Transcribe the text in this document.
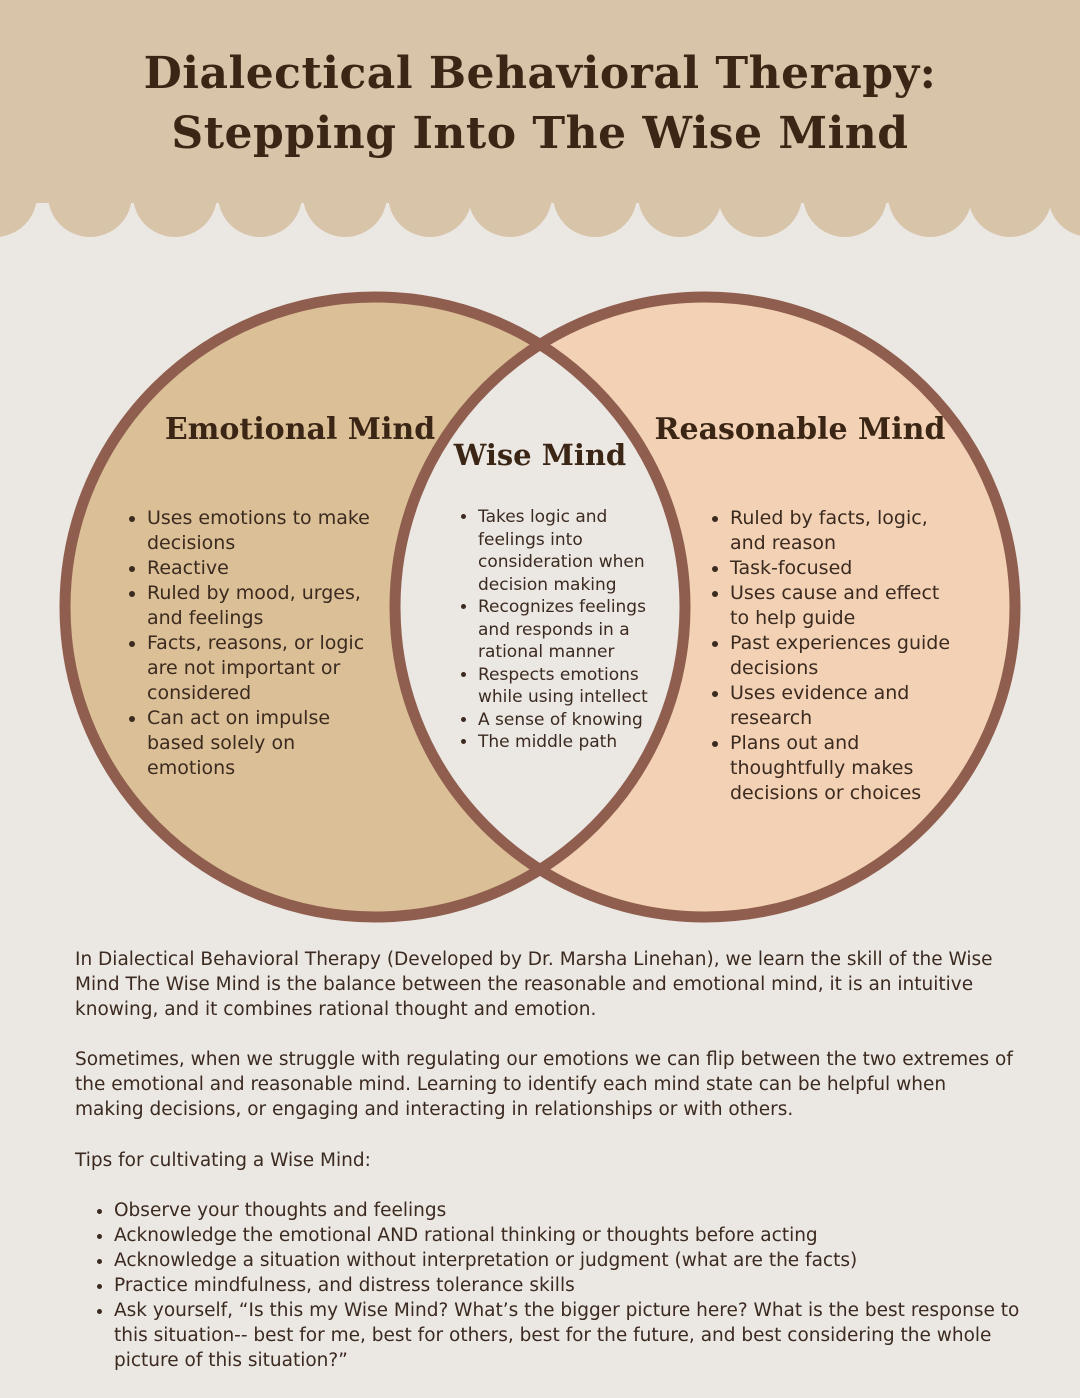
Dialectical Behavioral Therapy:
Stepping Into The Wise Mind
Emotional Mind
Wise Mind
Reasonable Mind
• Uses emotions to make decisions
• Reactive
• Ruled by mood, urges, and feelings
• Facts, reasons, or logic are not important or considered
• Can act on impulse based solely on emotions
• Takes logic and feelings into consideration when decision making
• Recognizes feelings and responds in a rational manner
• Respects emotions while using intellect
• A sense of knowing
• The middle path
• Ruled by facts, logic, and reason
• Task-focused
• Uses cause and effect to help guide
• Past experiences guide decisions
• Uses evidence and research
• Plans out and thoughtfully makes decisions or choices

In Dialectical Behavioral Therapy (Developed by Dr. Marsha Linehan), we learn the skill of the Wise Mind The Wise Mind is the balance between the reasonable and emotional mind, it is an intuitive knowing, and it combines rational thought and emotion.

Sometimes, when we struggle with regulating our emotions we can flip between the two extremes of the emotional and reasonable mind. Learning to identify each mind state can be helpful when making decisions, or engaging and interacting in relationships or with others.

Tips for cultivating a Wise Mind:

• Observe your thoughts and feelings
• Acknowledge the emotional AND rational thinking or thoughts before acting
• Acknowledge a situation without interpretation or judgment (what are the facts)
• Practice mindfulness, and distress tolerance skills
• Ask yourself, “Is this my Wise Mind? What’s the bigger picture here? What is the best response to this situation-- best for me, best for others, best for the future, and best considering the whole picture of this situation?”
